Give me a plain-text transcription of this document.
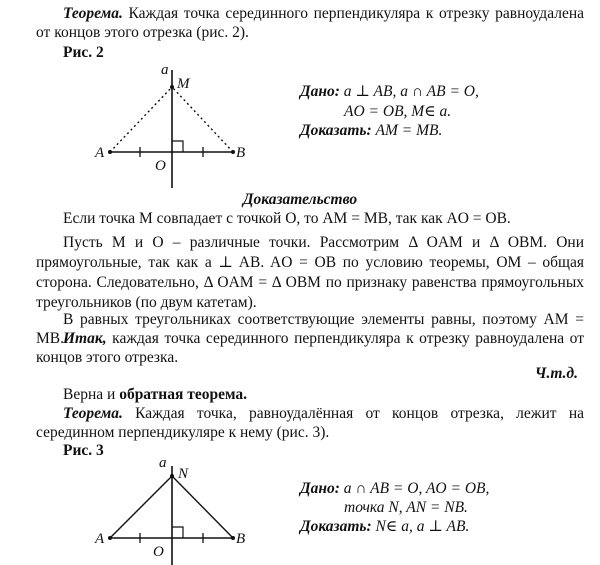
Теорема. Каждая точка серединного перпендикуляра к отрезку равноудалена от концов этого отрезка (рис. 2).

Рис. 2
a
M
A	B
O
Дано: a ⊥ AB, a ∩ AB = O,
AO = OB, M∈ a.
Доказать: AM = MB.
Доказательство

Если точка M совпадает с точкой O, то AM = MB, так как AO = OB.

Пусть M и O – различные точки. Рассмотрим Δ OAM и Δ OBM. Они прямоугольные, так как a ⊥ AB. AO = OB по условию теоремы, OM – общая сторона. Следовательно, Δ OAM = Δ OBM по признаку равенства прямоугольных треугольников (по двум катетам).

В равных треугольниках соответствующие элементы равны, поэтому AM = MB. Итак, каждая точка серединного перпендикуляра к отрезку равноудалена от концов этого отрезка.

Ч.т.д.

Верна и обратная теорема.

Теорема. Каждая точка, равноудалённая от концов отрезка, лежит на серединном перпендикуляре к нему (рис. 3).

Рис. 3
a
N
A	B
O
Дано: a ∩ AB = O, AO = OB,
точка N, AN = NB.
Доказать: N∈ a, a ⊥ AB.
